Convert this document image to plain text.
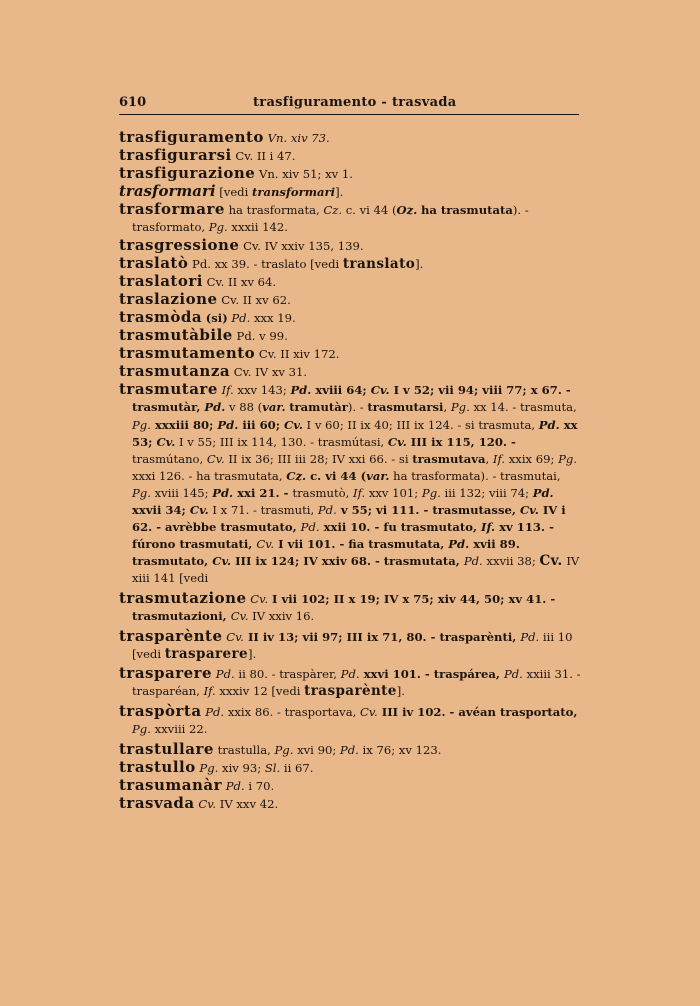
610	trasfiguramento - trasvada

trasfiguramento Vn. xiv 73.

trasfigurarsi Cv. II i 47.

trasfigurazione Vn. xiv 51; xv 1.

trasformari [vedi transformari].

trasformare ha trasformata, Cz. c. vi 44 (Oz. ha trasmutata). - trasformato, Pg. xxxii 142.

trasgressione Cv. IV xxiv 135, 139.

traslatò Pd. xx 39. - traslato [vedi translato].

traslatori Cv. II xv 64.

traslazione Cv. II xv 62.

trasmòda (si) Pd. xxx 19.

trasmutàbile Pd. v 99.

trasmutamento Cv. II xiv 172.

trasmutanza Cv. IV xv 31.

trasmutare If. xxv 143; Pd. xviii 64; Cv. I v 52; vii 94; viii 77; x 67. - trasmutàr, Pd. v 88 (var. tramutàr). - trasmutarsi, Pg. xx 14. - trasmuta, Pg. xxxiii 80; Pd. iii 60; Cv. I v 60; II ix 40; III ix 124. - si trasmuta, Pd. xx 53; Cv. I v 55; III ix 114, 130. - trasmútasi, Cv. III ix 115, 120. - trasmútano, Cv. II ix 36; III iii 28; IV xxi 66. - si trasmutava, If. xxix 69; Pg. xxxi 126. - ha trasmutata, Cz. c. vi 44 (var. ha trasformata). - trasmutai, Pg. xviii 145; Pd. xxi 21. - trasmutò, If. xxv 101; Pg. iii 132; viii 74; Pd. xxvii 34; Cv. I x 71. - trasmuti, Pd. v 55; vi 111. - trasmutasse, Cv. IV i 62. - avrèbbe trasmutato, Pd. xxii 10. - fu trasmutato, If. xv 113. - fúrono trasmutati, Cv. I vii 101. - fia trasmutata, Pd. xvii 89. trasmutato, Cv. III ix 124; IV xxiv 68. - trasmutata, Pd. xxvii 38; Cv. IV xiii 141 [vedi

trasmutazione Cv. I vii 102; II x 19; IV x 75; xiv 44, 50; xv 41. - trasmutazioni, Cv. IV xxiv 16.

trasparènte Cv. II iv 13; vii 97; III ix 71, 80. - trasparènti, Pd. iii 10 [vedi trasparere].

trasparere Pd. ii 80. - traspàrer, Pd. xxvi 101. - traspárea, Pd. xxiii 31. - trasparéan, If. xxxiv 12 [vedi trasparènte].

traspòrta Pd. xxix 86. - trasportava, Cv. III iv 102. - avéan trasportato, Pg. xxviii 22.

trastullare trastulla, Pg. xvi 90; Pd. ix 76; xv 123.

trastullo Pg. xiv 93; Sl. ii 67.

trasumanàr Pd. i 70.

trasvada Cv. IV xxv 42.
